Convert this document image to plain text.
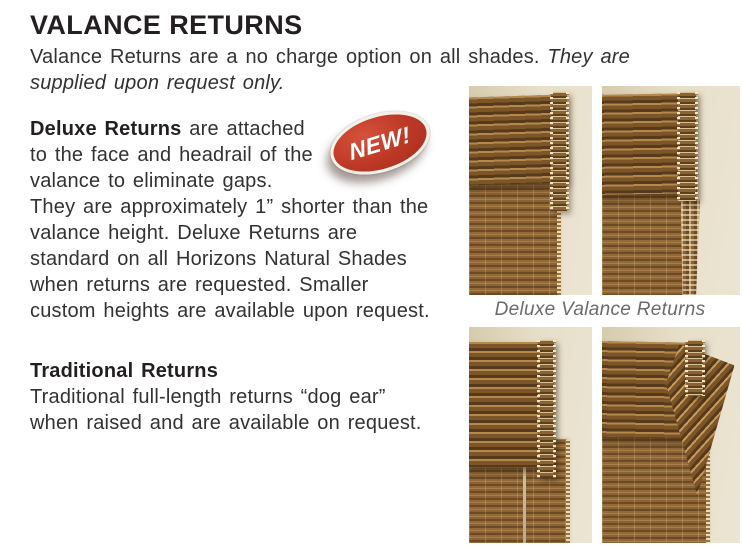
VALANCE RETURNS

Valance Returns are a no charge option on all shades. They are supplied upon request only.

NEW!
Deluxe Returns are attached to the face and headrail of the valance to eliminate gaps. They are approximately 1” shorter than the valance height. Deluxe Returns are standard on all Horizons Natural Shades when returns are requested. Smaller custom heights are available upon request.

Traditional Returns
Traditional full-length returns “dog ear” when raised and are available on request.

Deluxe Valance Returns
